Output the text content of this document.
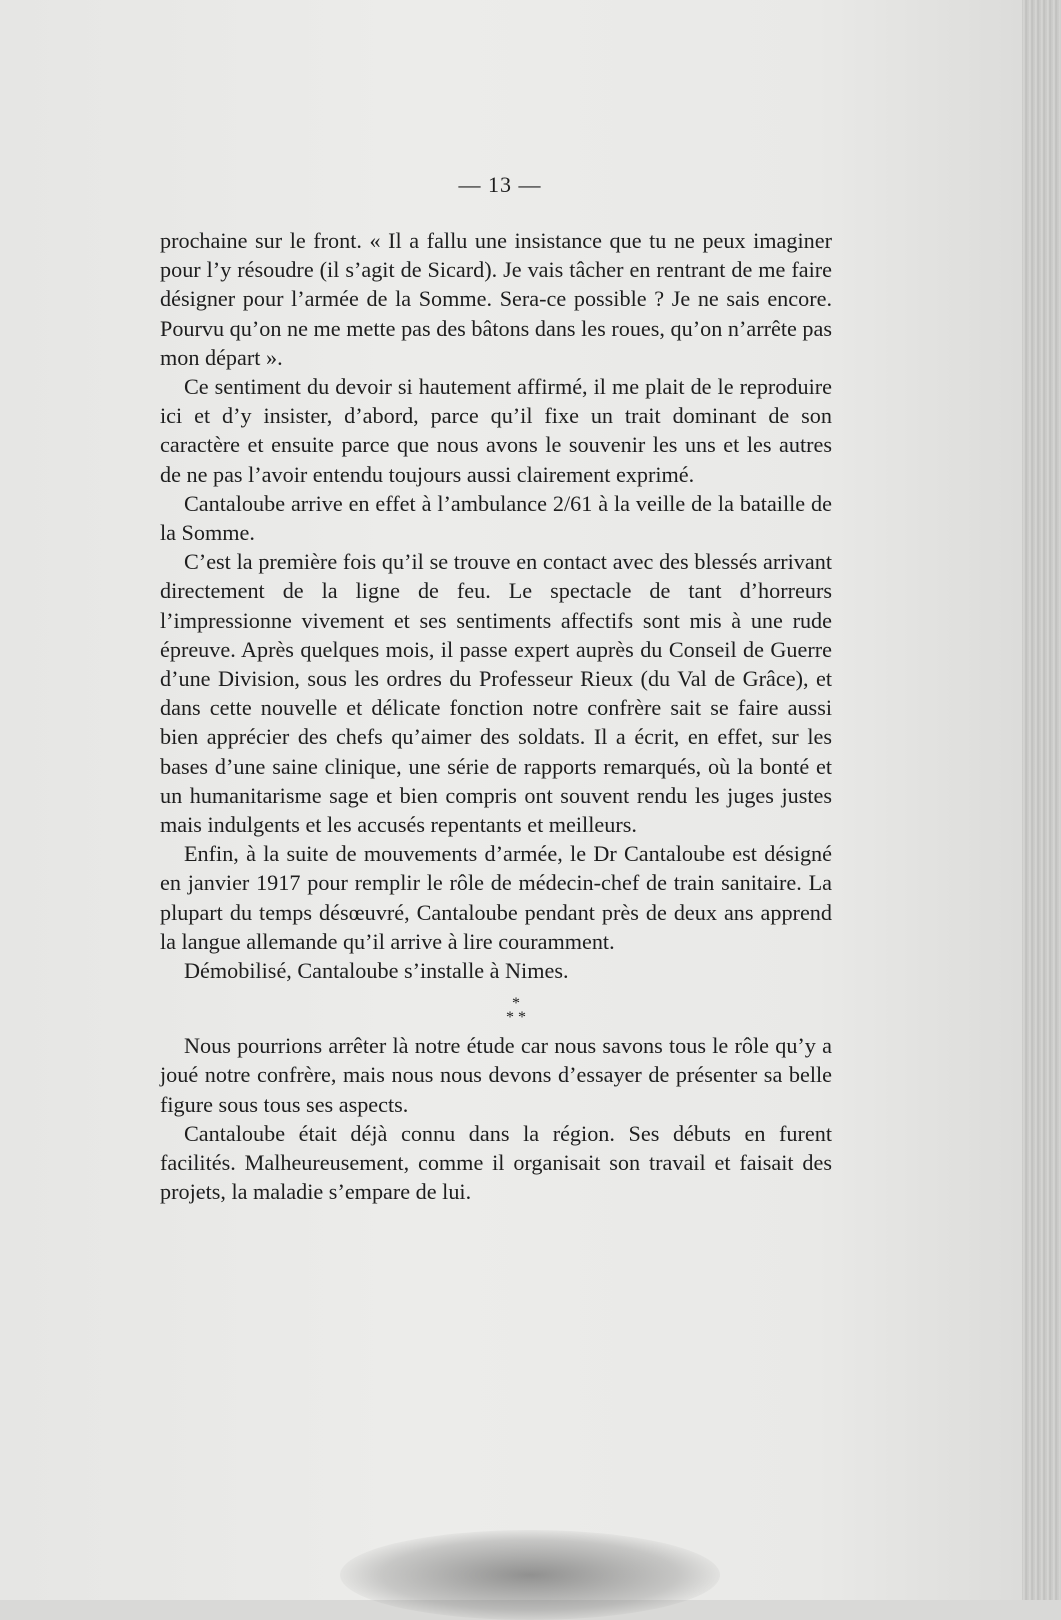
— 13 —

prochaine sur le front. « Il a fallu une insistance que tu ne peux imaginer pour l’y résoudre (il s’agit de Sicard). Je vais tâcher en rentrant de me faire désigner pour l’armée de la Somme. Sera-ce possible ? Je ne sais encore. Pourvu qu’on ne me mette pas des bâtons dans les roues, qu’on n’arrête pas mon départ ».

Ce sentiment du devoir si hautement affirmé, il me plait de le reproduire ici et d’y insister, d’abord, parce qu’il fixe un trait dominant de son caractère et ensuite parce que nous avons le souvenir les uns et les autres de ne pas l’avoir entendu toujours aussi clairement exprimé.

Cantaloube arrive en effet à l’ambulance 2/61 à la veille de la bataille de la Somme.

C’est la première fois qu’il se trouve en contact avec des blessés arrivant directement de la ligne de feu. Le spectacle de tant d’horreurs l’impressionne vivement et ses sentiments affectifs sont mis à une rude épreuve. Après quelques mois, il passe expert auprès du Conseil de Guerre d’une Division, sous les ordres du Professeur Rieux (du Val de Grâce), et dans cette nouvelle et délicate fonction notre confrère sait se faire aussi bien apprécier des chefs qu’aimer des soldats. Il a écrit, en effet, sur les bases d’une saine clinique, une série de rapports remarqués, où la bonté et un humanitarisme sage et bien compris ont souvent rendu les juges justes mais indulgents et les accusés repentants et meilleurs.

Enfin, à la suite de mouvements d’armée, le Dr Cantaloube est désigné en janvier 1917 pour remplir le rôle de médecin-chef de train sanitaire. La plupart du temps désœuvré, Cantaloube pendant près de deux ans apprend la langue allemande qu’il arrive à lire couramment.

Démobilisé, Cantaloube s’installe à Nimes.

*
* *

Nous pourrions arrêter là notre étude car nous savons tous le rôle qu’y a joué notre confrère, mais nous nous devons d’essayer de présenter sa belle figure sous tous ses aspects.

Cantaloube était déjà connu dans la région. Ses débuts en furent facilités. Malheureusement, comme il organisait son travail et faisait des projets, la maladie s’empare de lui.
